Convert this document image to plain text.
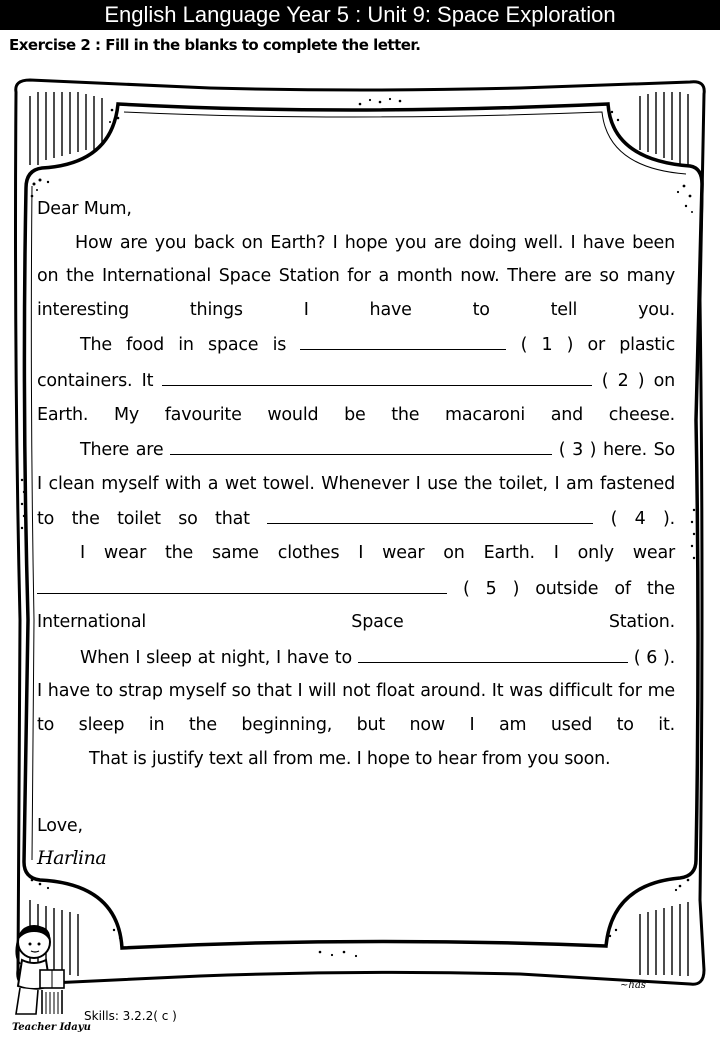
English Language Year 5 : Unit 9: Space Exploration
Exercise 2 : Fill in the blanks to complete the letter.

Dear Mum,

How are you back on Earth? I hope you are doing well. I have been on the International Space Station for a month now. There are so many interesting things I have to tell you.

The food in space is	( 1 ) or plastic containers. It	( 2 ) on Earth. My favourite would be the macaroni and cheese.

There are	( 3 ) here. So I clean myself with a wet towel. Whenever I use the toilet, I am fastened to the toilet so that	( 4 ).

I wear the same clothes I wear on Earth. I only wear  ( 5 ) outside of the International Space Station.

When I sleep at night, I have to	( 6 ). I have to strap myself so that I will not float around. It was difficult for me to sleep in the beginning, but now I am used to it.

That is justify text all from me. I hope to hear from you soon.

Love,

Harlina

Teacher Idayu
Skills: 3.2.2( c )
~has
